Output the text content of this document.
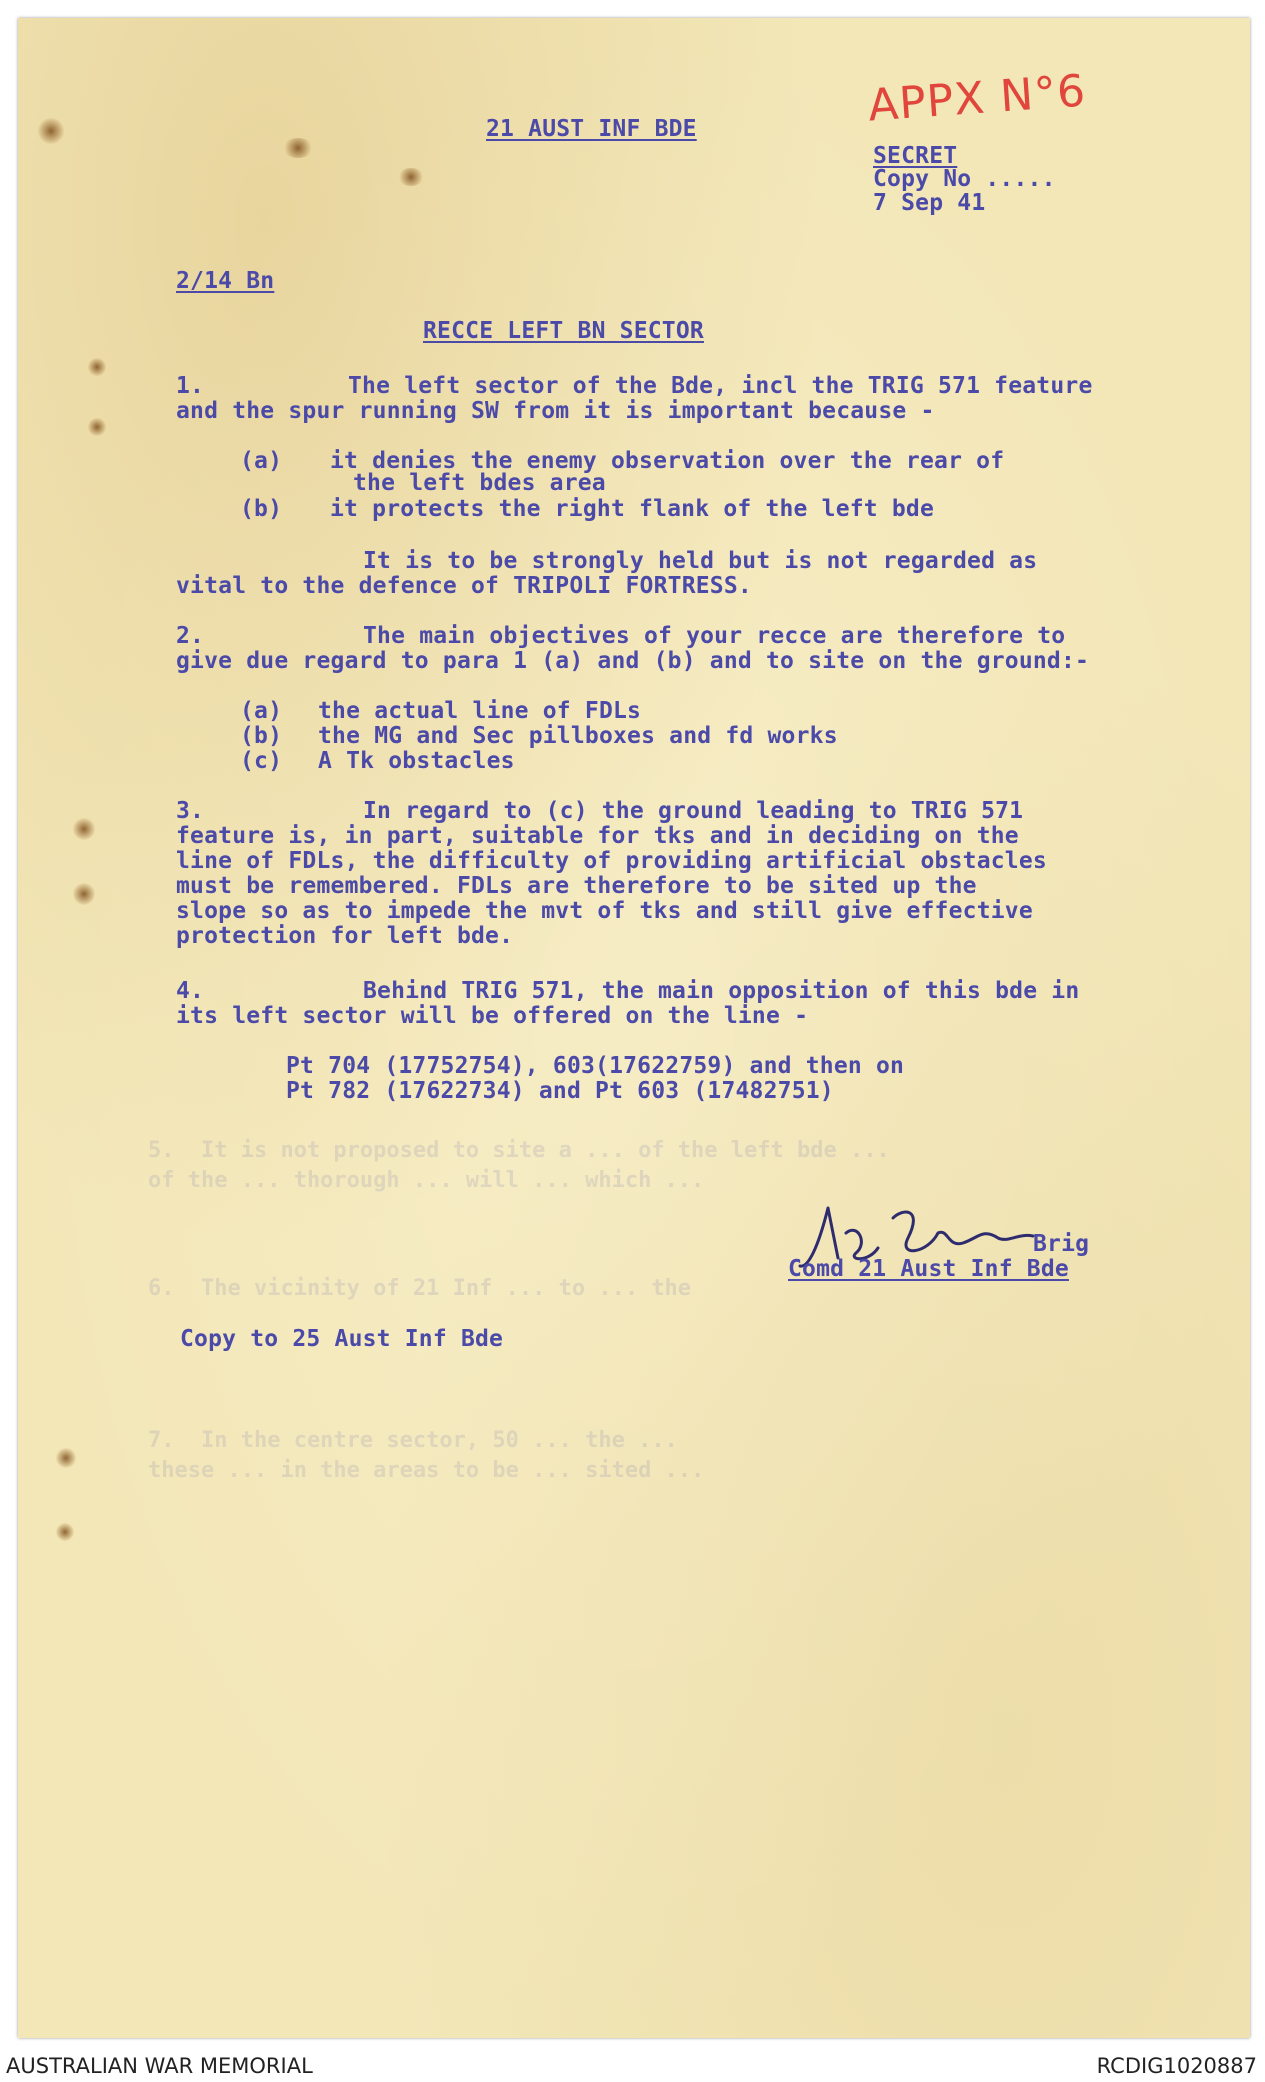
5.  It is not proposed to site a ... of the left bde ...
of the ... thorough ... will ... which ...
6.  The vicinity of 21 Inf ... to ... the
7.  In the centre sector, 50 ... the ...
these ... in the areas to be ... sited ...
APPX N°6
21 AUST INF BDE
SECRET
Copy No .....
7 Sep 41
2/14 Bn
RECCE LEFT BN SECTOR
1.	The left sector of the Bde, incl the TRIG 571 feature
and the spur running SW from it is important because -
(a) it denies the enemy observation over the rear of
the left bdes area
(b) it protects the right flank of the left bde
It is to be strongly held but is not regarded as
vital to the defence of TRIPOLI FORTRESS.
2.	The main objectives of your recce are therefore to
give due regard to para 1 (a) and (b) and to site on the ground:-
(a) the actual line of FDLs
(b) the MG and Sec pillboxes and fd works
(c) A Tk obstacles
3.	In regard to (c) the ground leading to TRIG 571
feature is, in part, suitable for tks and in deciding on the
line of FDLs, the difficulty of providing artificial obstacles
must be remembered. FDLs are therefore to be sited up the
slope so as to impede the mvt of tks and still give effective
protection for left bde.
4.	Behind TRIG 571, the main opposition of this bde in
its left sector will be offered on the line -
Pt 704 (17752754), 603(17622759) and then on
Pt 782 (17622734) and Pt 603 (17482751)
Brig
Comd 21 Aust Inf Bde
Copy to 25 Aust Inf Bde
AUSTRALIAN WAR MEMORIAL	RCDIG1020887
